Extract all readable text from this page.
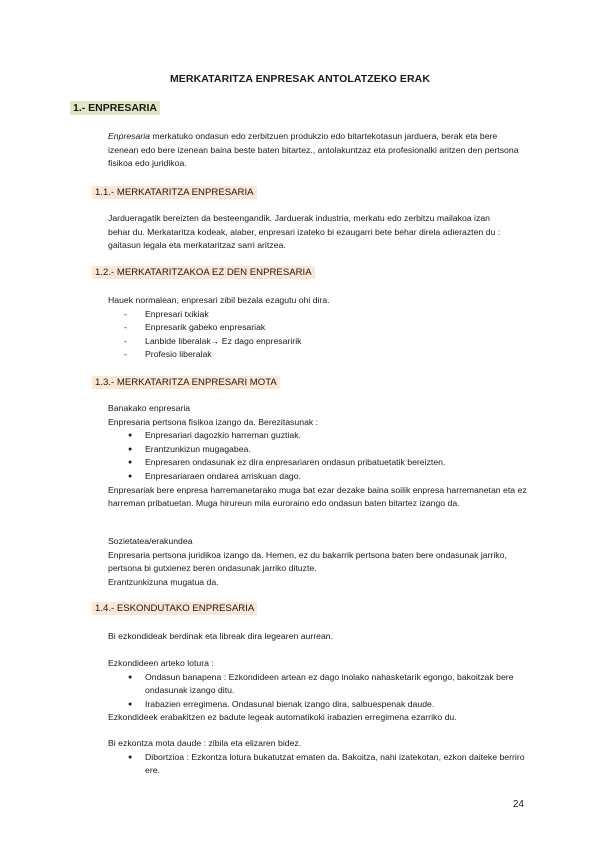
MERKATARITZA ENPRESAK ANTOLATZEKO ERAK
1.- ENPRESARIA

Enpresaria merkatuko ondasun edo zerbitzuen produkzio edo bitartekotasun jarduera, berak eta bere izenean edo bere izenean baina beste baten bitartez., antolakuntzaz eta profesionalki aritzen den pertsona fisikoa edo juridikoa.

1.1.- MERKATARITZA ENPRESARIA

Jardueragatik bereizten da besteengandik. Jarduerak industria, merkatu edo zerbitzu mailakoa izan behar du. Merkataritza kodeak, alaber, enpresari izateko bi ezaugarri bete behar direla adierazten du : gaitasun legala eta merkataritzaz sarri aritzea.

1.2.- MERKATARITZAKOA EZ DEN ENPRESARIA

Hauek normalean, enpresari zibil bezala ezagutu ohi dira.

- Enpresari txikiak
- Enpresarik gabeko enpresariak
- Lanbide liberalak→ Ez dago enpresaririk
- Profesio liberalak
1.3.- MERKATARITZA ENPRESARI MOTA

Banakako enpresaria

Enpresaria pertsona fisikoa izango da. Berezitasunak :

● Enpresariari dagozkio harreman guztiak.
● Erantzunkizun mugagabea.
● Enpresaren ondasunak ez dira enpresariaren ondasun pribatuetatik bereizten.
● Enpresariaraen ondarea arriskuan dago.

Enpresariak bere enpresa harremanetarako muga bat ezar dezake baina soilik enpresa harremanetan eta ez harreman pribatuetan. Muga hirureun mila euroraino edo ondasun baten bitartez izango da.

Sozietatea/erakundea

Enpresaria pertsona juridikoa izango da. Hemen, ez du bakarrik pertsona baten bere ondasunak jarriko, pertsona bi gutxienez beren ondasunak jarriko dituzte.

Erantzunkizuna mugatua da.

1.4.- ESKONDUTAKO ENPRESARIA

Bi ezkondideak berdinak eta libreak dira legearen aurrean.

Ezkondideen arteko lotura :

● Ondasun banapena : Ezkondideen artean ez dago inolako nahasketarik egongo, bakoitzak bere ondasunak izango ditu.
● Irabazien erregimena. Ondasunal bienak izango dira, salbuespenak daude.

Ezkondideek erabakitzen ez badute legeak automatikoki irabazien erregimena ezarriko du.

Bi ezkontza mota daude : zibila eta elizaren bidez.

● Dibortzioa : Ezkontza lotura bukatutzat ematen da. Bakoitza, nahi izatekotan, ezkon daiteke berriro ere.
24
